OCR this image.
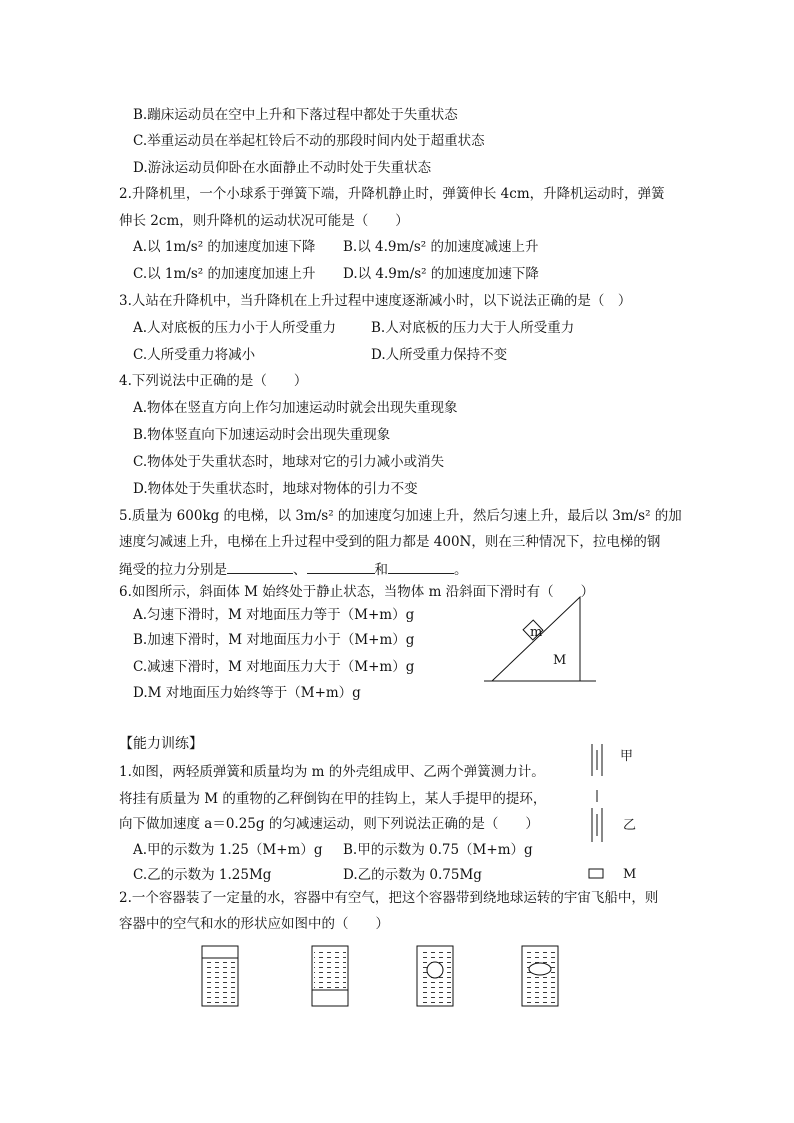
B.蹦床运动员在空中上升和下落过程中都处于失重状态
C.举重运动员在举起杠铃后不动的那段时间内处于超重状态
D.游泳运动员仰卧在水面静止不动时处于失重状态
2.升降机里，一个小球系于弹簧下端，升降机静止时，弹簧伸长 4cm，升降机运动时，弹簧
伸长 2cm，则升降机的运动状况可能是（　　）
A.以 1m/s² 的加速度加速下降 B.以 4.9m/s² 的加速度减速上升
C.以 1m/s² 的加速度加速上升 D.以 4.9m/s² 的加速度加速下降
3.人站在升降机中，当升降机在上升过程中速度逐渐减小时，以下说法正确的是（　）
A.人对底板的压力小于人所受重力	B.人对底板的压力大于人所受重力
C.人所受重力将减小	D.人所受重力保持不变
4.下列说法中正确的是（　　）
A.物体在竖直方向上作匀加速运动时就会出现失重现象
B.物体竖直向下加速运动时会出现失重现象
C.物体处于失重状态时，地球对它的引力减小或消失
D.物体处于失重状态时，地球对物体的引力不变
5.质量为 600kg 的电梯，以 3m/s² 的加速度匀加速上升，然后匀速上升，最后以 3m/s² 的加
速度匀减速上升，电梯在上升过程中受到的阻力都是 400N，则在三种情况下，拉电梯的钢
绳受的拉力分别是	、	和	。
6.如图所示，斜面体 M 始终处于静止状态，当物体 m 沿斜面下滑时有（　　）
A.匀速下滑时，M 对地面压力等于（M+m）g
B.加速下滑时，M 对地面压力小于（M+m）g
C.减速下滑时，M 对地面压力大于（M+m）g
D.M 对地面压力始终等于（M+m）g
m
M
【能力训练】
1.如图，两轻质弹簧和质量均为 m 的外壳组成甲、乙两个弹簧测力计。
将挂有质量为 M 的重物的乙秤倒钩在甲的挂钩上，某人手提甲的提环，
向下做加速度 a＝0.25g 的匀减速运动，则下列说法正确的是（　　）
A.甲的示数为 1.25（M+m）g B.甲的示数为 0.75（M+m）g
C.乙的示数为 1.25Mg	D.乙的示数为 0.75Mg
甲
乙
M
2.一个容器装了一定量的水，容器中有空气，把这个容器带到绕地球运转的宇宙飞船中，则
容器中的空气和水的形状应如图中的（　　）
